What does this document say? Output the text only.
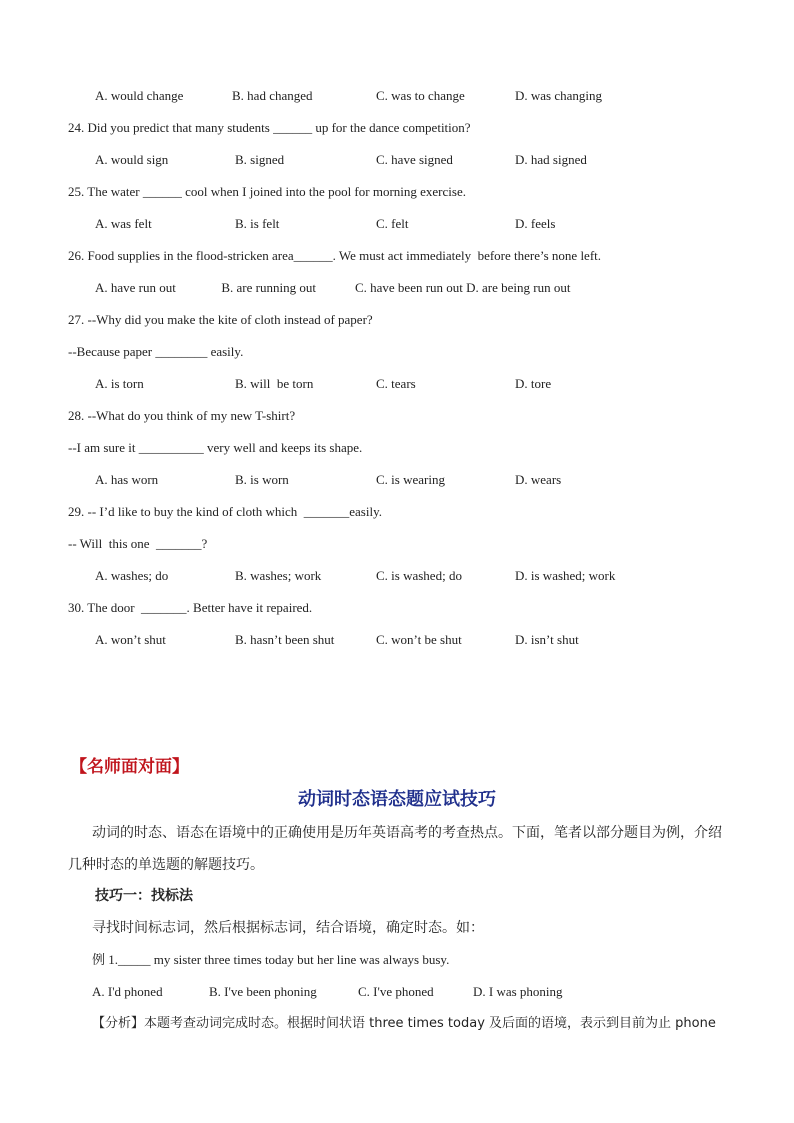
A. would change	B. had changed	C. was to change	D. was changing
24. Did you predict that many students ______ up for the dance competition?
A. would sign	B. signed	C. have signed	D. had signed
25. The water ______ cool when I joined into the pool for morning exercise.
A. was felt	B. is felt	C. felt	D. feels
26. Food supplies in the flood-stricken area______. We must act immediately  before there’s none left.
A. have run out              B. are running out            C. have been run out D. are being run out
27. --Why did you make the kite of cloth instead of paper?
--Because paper ________ easily.
A. is torn	B. will  be torn	C. tears	D. tore
28. --What do you think of my new T-shirt?
--I am sure it __________ very well and keeps its shape.
A. has worn	B. is worn	C. is wearing	D. wears
29. -- I’d like to buy the kind of cloth which  _______easily.
-- Will  this one  _______?
A. washes; do	B. washes; work	C. is washed; do	D. is washed; work
30. The door  _______. Better have it repaired.
A. won’t shut	B. hasn’t been shut	C. won’t be shut	D. isn’t shut
【名师面对面】
动词时态语态题应试技巧
动词的时态、语态在语境中的正确使用是历年英语高考的考查热点。下面，笔者以部分题目为例，介绍
几种时态的单选题的解题技巧。
技巧一：找标法
寻找时间标志词，然后根据标志词，结合语境，确定时态。如：
例 1._____ my sister three times today but her line was always busy.
A. I'd phoned	B. I've been phoning	C. I've phoned	D. I was phoning
【分析】本题考查动词完成时态。根据时间状语 three times today 及后面的语境，表示到目前为止 phone
